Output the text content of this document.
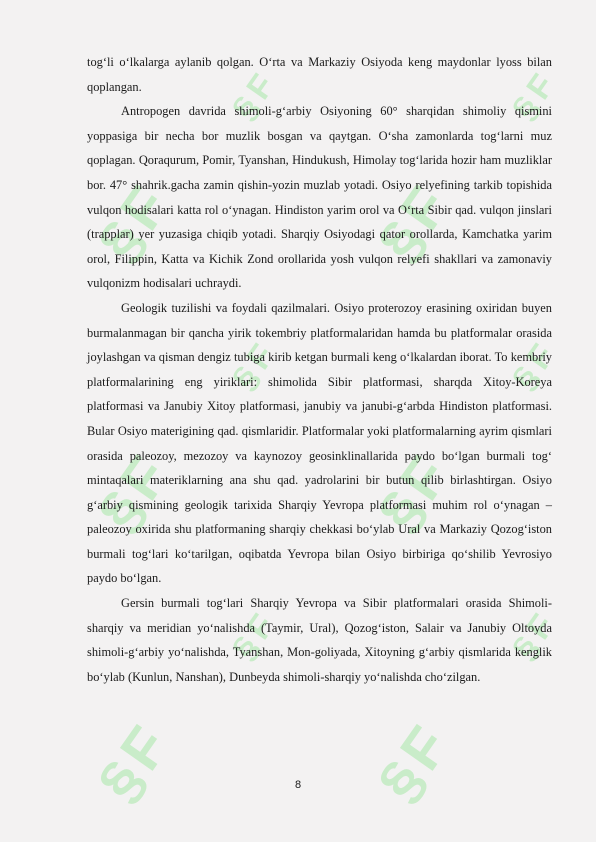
§F
§F
§F
§F
§F
§F
§F
§F
§F
§F
§F
§F

tog‘li o‘lkalarga aylanib qolgan. O‘rta va Markaziy Osiyoda keng maydonlar lyoss bilan qoplangan.

Antropogen davrida shimoli-g‘arbiy Osiyoning 60° sharqidan shimoliy qismini yoppasiga bir necha bor muzlik bosgan va qaytgan. O‘sha zamonlarda tog‘larni muz qoplagan. Qoraqurum, Pomir, Tyanshan, Hindukush, Himolay tog‘larida hozir ham muzliklar bor. 47° shahrik.gacha zamin qishin-yozin muzlab yotadi. Osiyo relyefining tarkib topishida vulqon hodisalari katta rol o‘ynagan. Hindiston yarim orol va O‘rta Sibir qad. vulqon jinslari (trapplar) yer yuzasiga chiqib yotadi. Sharqiy Osiyodagi qator orollarda, Kamchatka yarim orol, Filippin, Katta va Kichik Zond orollarida yosh vulqon relyefi shakllari va zamonaviy vulqonizm hodisalari uchraydi.

Geologik tuzilishi va foydali qazilmalari. Osiyo proterozoy erasining oxiridan buyen burmalanmagan bir qancha yirik tokembriy platformalaridan hamda bu platformalar orasida joylashgan va qisman dengiz tubiga kirib ketgan burmali keng o‘lkalardan iborat. To kembriy platformalarining eng yiriklari: shimolida Sibir platformasi, sharqda Xitoy-Koreya platformasi va Janubiy Xitoy platformasi, janubiy va janubi-g‘arbda Hindiston platformasi. Bular Osiyo materigining qad. qismlaridir. Platformalar yoki platformalarning ayrim qismlari orasida paleozoy, mezozoy va kaynozoy geosinklinallarida paydo bo‘lgan burmali tog‘ mintaqalari materiklarning ana shu qad. yadrolarini bir butun qilib birlashtirgan. Osiyo g‘arbiy qismining geologik tarixida Sharqiy Yevropa platformasi muhim rol o‘ynagan – paleozoy oxirida shu platformaning sharqiy chekkasi bo‘ylab Ural va Markaziy Qozog‘iston burmali tog‘lari ko‘tarilgan, oqibatda Yevropa bilan Osiyo birbiriga qo‘shilib Yevrosiyo paydo bo‘lgan.

Gersin burmali tog‘lari Sharqiy Yevropa va Sibir platformalari orasida Shimoli-sharqiy va meridian yo‘nalishda (Taymir, Ural), Qozog‘iston, Salair va Janubiy Oltoyda shimoli-g‘arbiy yo‘nalishda, Tyanshan, Mon-goliyada, Xitoyning g‘arbiy qismlarida kenglik bo‘ylab (Kunlun, Nanshan), Dunbeyda shimoli-sharqiy yo‘nalishda cho‘zilgan.

8
